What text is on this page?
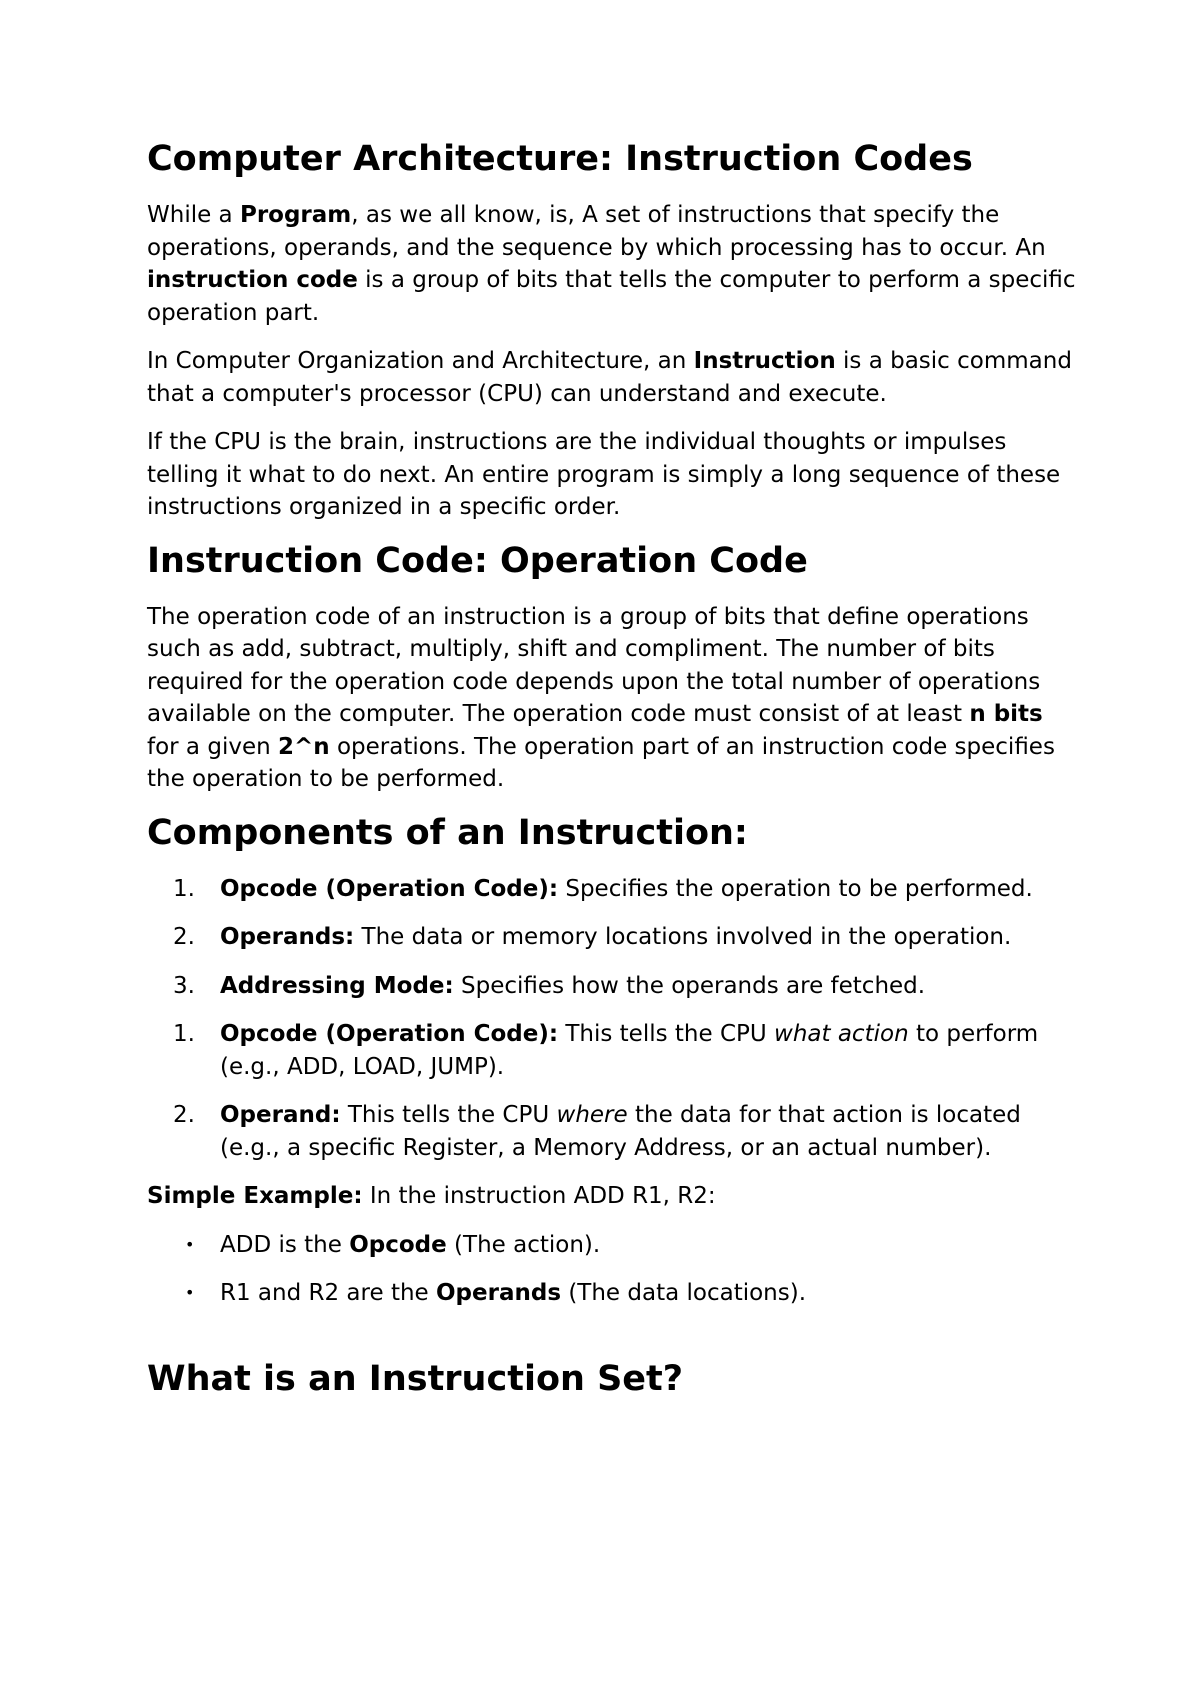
Computer Architecture: Instruction Codes

While a Program, as we all know, is, A set of instructions that specify the operations, operands, and the sequence by which processing has to occur. An instruction code is a group of bits that tells the computer to perform a specific operation part.

In Computer Organization and Architecture, an Instruction is a basic command that a computer's processor (CPU) can understand and execute.

If the CPU is the brain, instructions are the individual thoughts or impulses telling it what to do next. An entire program is simply a long sequence of these instructions organized in a specific order.

Instruction Code: Operation Code

The operation code of an instruction is a group of bits that define operations such as add, subtract, multiply, shift and compliment. The number of bits required for the operation code depends upon the total number of operations available on the computer. The operation code must consist of at least n bits for a given 2^n operations. The operation part of an instruction code specifies the operation to be performed.

Components of an Instruction:
1.	Opcode (Operation Code): Specifies the operation to be performed.
2.	Operands: The data or memory locations involved in the operation.
3.	Addressing Mode: Specifies how the operands are fetched.
1.	Opcode (Operation Code): This tells the CPU what action to perform (e.g., ADD, LOAD, JUMP).
2.	Operand: This tells the CPU where the data for that action is located (e.g., a specific Register, a Memory Address, or an actual number).

Simple Example: In the instruction ADD R1, R2:

•	ADD is the Opcode (The action).
•	R1 and R2 are the Operands (The data locations).
What is an Instruction Set?
